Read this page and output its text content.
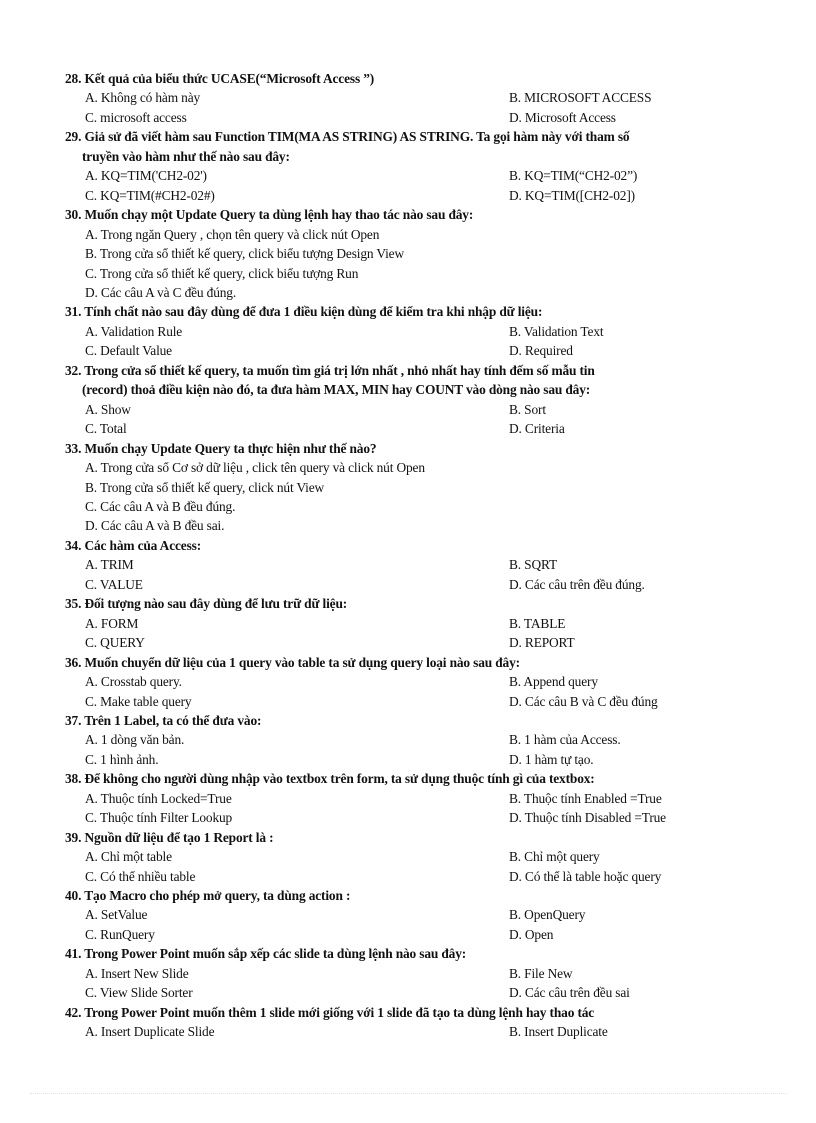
28. Kết quả của biểu thức UCASE(“Microsoft Access ”)
A. Không có hàm này	B. MICROSOFT ACCESS
C. microsoft access	D. Microsoft Access
29. Giả sử đã viết hàm sau Function TIM(MA AS STRING) AS STRING. Ta gọi hàm này với tham số
truyền vào hàm như thế nào sau đây:
A. KQ=TIM('CH2-02')	B. KQ=TIM(“CH2-02”)
C. KQ=TIM(#CH2-02#)	D. KQ=TIM([CH2-02])
30. Muốn chạy một Update Query ta dùng lệnh hay thao tác nào sau đây:
A. Trong ngăn Query , chọn tên query và click nút Open
B. Trong cửa sổ thiết kế query, click biểu tượng Design View
C. Trong cửa sổ thiết kế query, click biểu tượng Run
D. Các câu A và C đều đúng.
31. Tính chất nào sau đây dùng để đưa 1 điều kiện dùng để kiểm tra khi nhập dữ liệu:
A. Validation Rule	B. Validation Text
C. Default Value	D. Required
32. Trong cửa sổ thiết kế query, ta muốn tìm giá trị lớn nhất , nhỏ nhất hay tính đếm số mẫu tin
(record) thoả điều kiện nào đó, ta đưa hàm MAX, MIN hay COUNT vào dòng nào sau đây:
A. Show	B. Sort
C. Total	D. Criteria
33. Muốn chạy Update Query ta thực hiện như thế nào?
A. Trong cửa sổ Cơ sở dữ liệu , click tên query và click nút Open
B. Trong cửa sổ thiết kế query, click nút View
C. Các câu A và B đều đúng.
D. Các câu A và B đều sai.
34. Các hàm của Access:
A. TRIM	B. SQRT
C. VALUE	D. Các câu trên đều đúng.
35. Đối tượng nào sau đây dùng để lưu trữ dữ liệu:
A. FORM	B. TABLE
C. QUERY	D. REPORT
36. Muốn chuyển dữ liệu của 1 query vào table ta sử dụng query loại nào sau đây:
A. Crosstab query.	B. Append query
C. Make table query	D. Các câu B và C đều đúng
37. Trên 1 Label, ta có thể đưa vào:
A. 1 dòng văn bản.	B. 1 hàm của Access.
C. 1 hình ảnh.	D. 1 hàm tự tạo.
38. Để không cho người dùng nhập vào textbox trên form, ta sử dụng thuộc tính gì của textbox:
A. Thuộc tính Locked=True	B. Thuộc tính Enabled =True
C. Thuộc tính Filter Lookup	D. Thuộc tính Disabled =True
39. Nguồn dữ liệu để tạo 1 Report là :
A. Chỉ một table	B. Chỉ một query
C. Có thể nhiều table	D. Có thể là table hoặc query
40. Tạo Macro cho phép mở query, ta dùng action :
A. SetValue	B. OpenQuery
C. RunQuery	D. Open
41. Trong Power Point muốn sắp xếp các slide ta dùng lệnh nào sau đây:
A. Insert New Slide	B. File New
C. View Slide Sorter	D. Các câu trên đều sai
42. Trong Power Point muốn thêm 1 slide mới giống với 1 slide đã tạo ta dùng lệnh hay thao tác
A. Insert Duplicate Slide	B. Insert Duplicate
